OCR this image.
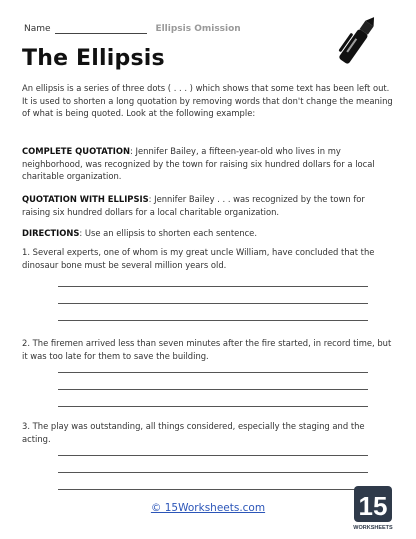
Name	Ellipsis Omission
The Ellipsis
An ellipsis is a series of three dots ( . . . ) which shows that some text has been left out. It is used to shorten a long quotation by removing words that don't change the meaning of what is being quoted. Look at the following example:
COMPLETE QUOTATION: Jennifer Bailey, a fifteen-year-old who lives in my neighborhood, was recognized by the town for raising six hundred dollars for a local charitable organization.
QUOTATION WITH ELLIPSIS: Jennifer Bailey . . . was recognized by the town for raising six hundred dollars for a local charitable organization.
DIRECTIONS: Use an ellipsis to shorten each sentence.
1. Several experts, one of whom is my great uncle William, have concluded that the dinosaur bone must be several million years old.
2. The firemen arrived less than seven minutes after the fire started, in record time, but it was too late for them to save the building.
3. The play was outstanding, all things considered, especially the staging and the acting.
© 15Worksheets.com	15
WORKSHEETS
